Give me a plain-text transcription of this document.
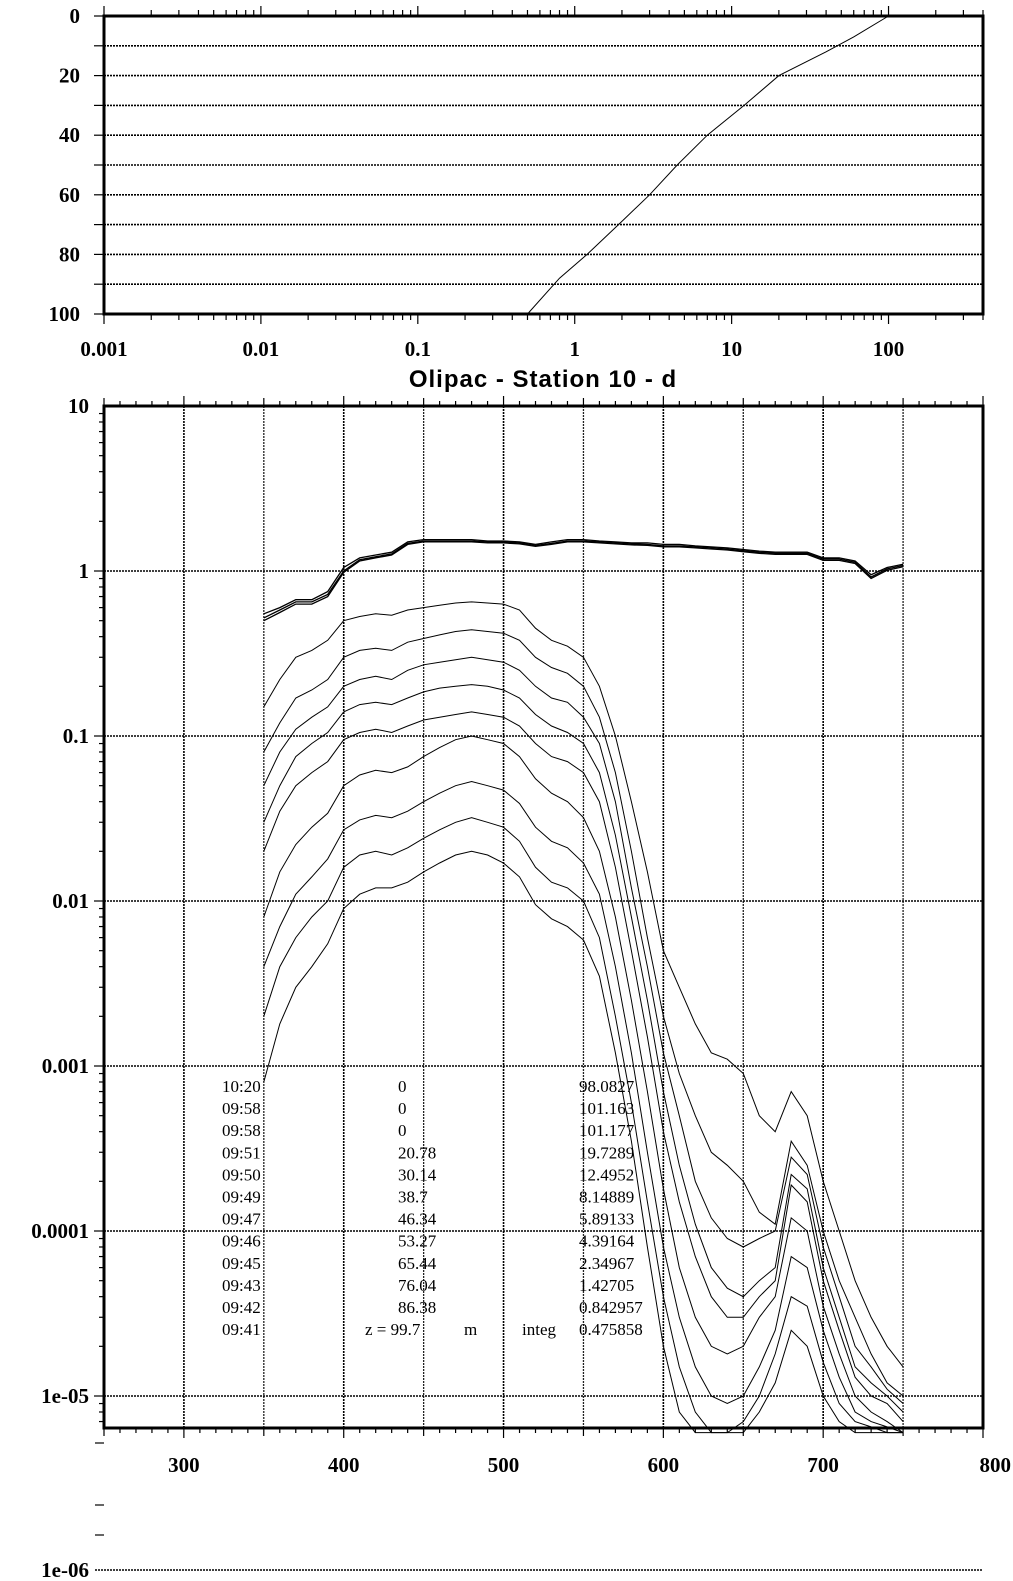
0.001	0.01	0.1	1	10	100
0
20
40
60
80
100
Olipac - Station 10 - d
10:20	0	98.0827
09:58	0	101.163
09:58	0	101.177
09:51	20.78	19.7289
09:50	30.14	12.4952
09:49	38.7	8.14889
09:47	46.34	5.89133
09:46	53.27	4.39164
09:45	65.44	2.34967
09:43	76.04	1.42705
09:42	86.38	0.842957
09:41	z = 99.7	m	integ 0.475858
300	400	500	600	700	800
10
1
0.1
0.01
0.001
0.0001
1e-05
1e-06
